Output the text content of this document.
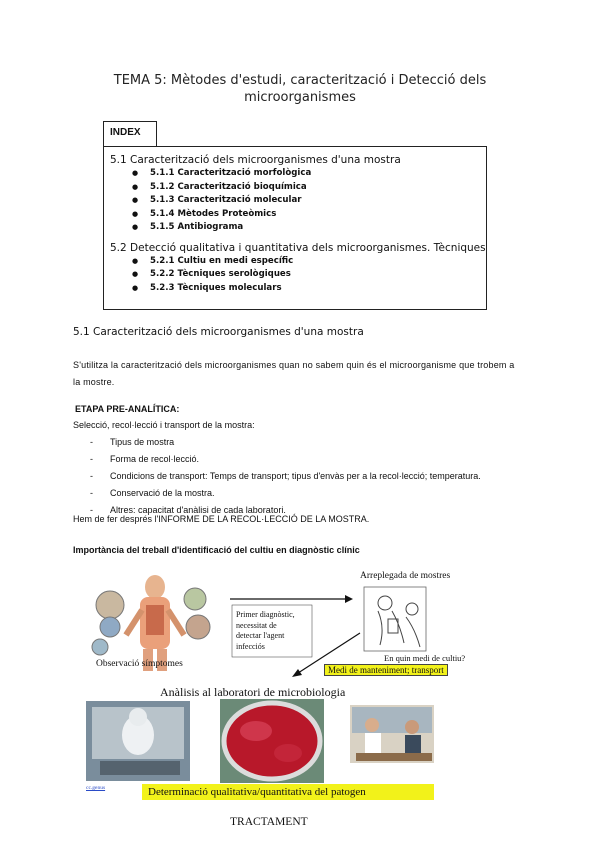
TEMA 5: Mètodes d'estudi, caracterització i Detecció dels microorganismes
INDEX
5.1 Caracterització dels microorganismes d'una mostra
● 5.1.1 Caracterització morfològica
● 5.1.2 Caracterització bioquímica
● 5.1.3 Caracterització molecular
● 5.1.4 Mètodes Proteòmics
● 5.1.5 Antibiograma
5.2 Detecció qualitativa i quantitativa dels microorganismes. Tècniques
● 5.2.1 Cultiu en medi específic
● 5.2.2 Tècniques serològiques
● 5.2.3 Tècniques moleculars
5.1 Caracterització dels microorganismes d'una mostra
S'utilitza la caracterització dels microorganismes quan no sabem quin és el microorganisme que trobem a la mostre.
ETAPA PRE-ANALÍTICA:
Selecció, recol·lecció i transport de la mostra:
- Tipus de mostra
- Forma de recol·lecció.
- Condicions de transport: Temps de transport; tipus d'envàs per a la recol·lecció; temperatura.
- Conservació de la mostra.
- Altres: capacitat d'anàlisi de cada laboratori.
Hem de fer després l'INFORME DE LA RECOL·LECCIÓ DE LA MOSTRA.
Importància del treball d'identificació del cultiu en diagnòstic clínic
Observació símptomes
Primer diagnòstic,
necessitat de
detectar l'agent
infecciós
Arreplegada de mostres
En quin medi de cultiu?
Medi de manteniment; transport
Anàlisis al laboratori de microbiologia
cc.genus	Determinació qualitativa/quantitativa del patogen
TRACTAMENT
